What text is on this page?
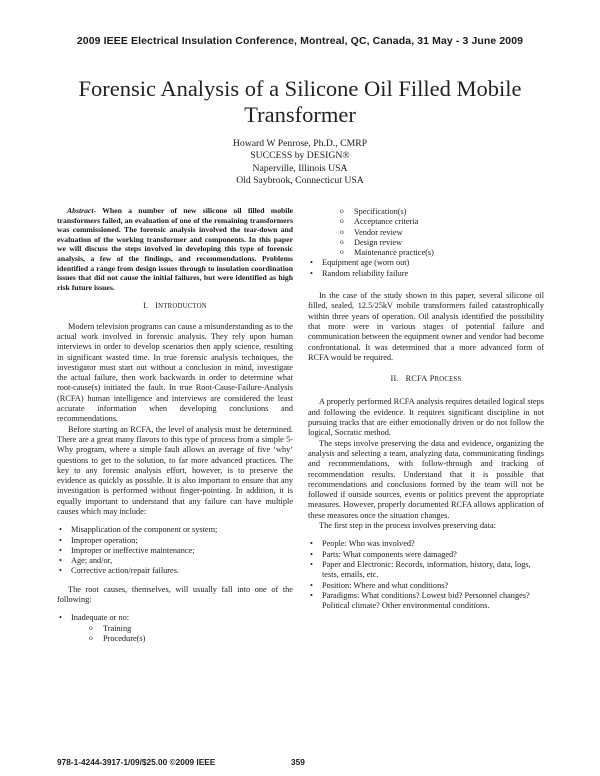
2009 IEEE Electrical Insulation Conference, Montreal, QC, Canada, 31 May - 3 June 2009
Forensic Analysis of a Silicone Oil Filled Mobile
Transformer
Howard W Penrose, Ph.D., CMRP
SUCCESS by DESIGN®
Naperville, Illinois USA
Old Saybrook, Connecticut USA

Abstract- When a number of new silicone oil filled mobile transformers failed, an evaluation of one of the remaining transformers was commissioned. The forensic analysis involved the tear-down and evaluation of the working transformer and components. In this paper we will discuss the steps involved in developing this type of forensic analysis, a few of the findings, and recommendations. Problems identified a range from design issues through to insulation coordination issues that did not cause the initial failures, but were identified as high risk future issues.

I. INTRODUCTON

Modern television programs can cause a misunderstanding as to the actual work involved in forensic analysis. They rely upon human interviews in order to develop scenarios then apply science, resulting in significant wasted time. In true forensic analysis techniques, the investigator must start out without a conclusion in mind, investigate the actual failure, then work backwards in order to determine what root-cause(s) initiated the fault. In true Root-Cause-Failure-Analysis (RCFA) human intelligence and interviews are considered the least accurate information when developing conclusions and recommendations.

Before starting an RCFA, the level of analysis must be determined. There are a great many flavors to this type of process from a simple 5-Why program, where a simple fault allows an average of five ‘why’ questions to get to the solution, to far more advanced practices. The key to any forensic analysis effort, however, is to preserve the evidence as quickly as possible. It is also important to ensure that any investigation is performed without finger-pointing. In addition, it is equally important to understand that any failure can have multiple causes which may include:

• Misapplication of the component or system;
• Improper operation;
• Improper or ineffective maintenance;
• Age; and/or,
• Corrective action/repair failures.

The root causes, themselves, will usually fall into one of the following:

• Inadequate or no:
o Training
o Procedure(s)
o Specification(s)
o Acceptance criteria
o Vendor review
o Design review
o Maintenance practice(s)
• Equipment age (worn out)
• Random reliability failure

In the case of the study shown in this paper, several silicone oil filled, sealed, 12.5/25kV mobile transformers failed catastrophically within three years of operation. Oil analysis identified the possibility that more were in various stages of potential failure and communication between the equipment owner and vendor had become confrontational. It was determined that a more advanced form of RCFA would be required.

II. RCFA PROCESS

A properly performed RCFA analysis requires detailed logical steps and following the evidence. It requires significant discipline in not pursuing tracks that are either emotionally driven or do not follow the logical, Socratic method.

The steps involve preserving the data and evidence, organizing the analysis and selecting a team, analyzing data, communicating findings and recommendations, with follow-through and tracking of recommendation results. Understand that it is possible that recommendations and conclusions formed by the team will not be followed if outside sources, events or politics prevent the appropriate measures. However, properly documented RCFA allows application of these measures once the situation changes.

The first step in the process involves preserving data:

• People: Who was involved?
• Parts: What components were damaged?
• Paper and Electronic: Records, information, history, data, logs, tests, emails, etc.
• Position: Where and what conditions?
• Paradigms: What conditions? Lowest bid? Personnel changes? Political climate? Other environmental conditions.
978-1-4244-3917-1/09/$25.00 ©2009 IEEE	359
